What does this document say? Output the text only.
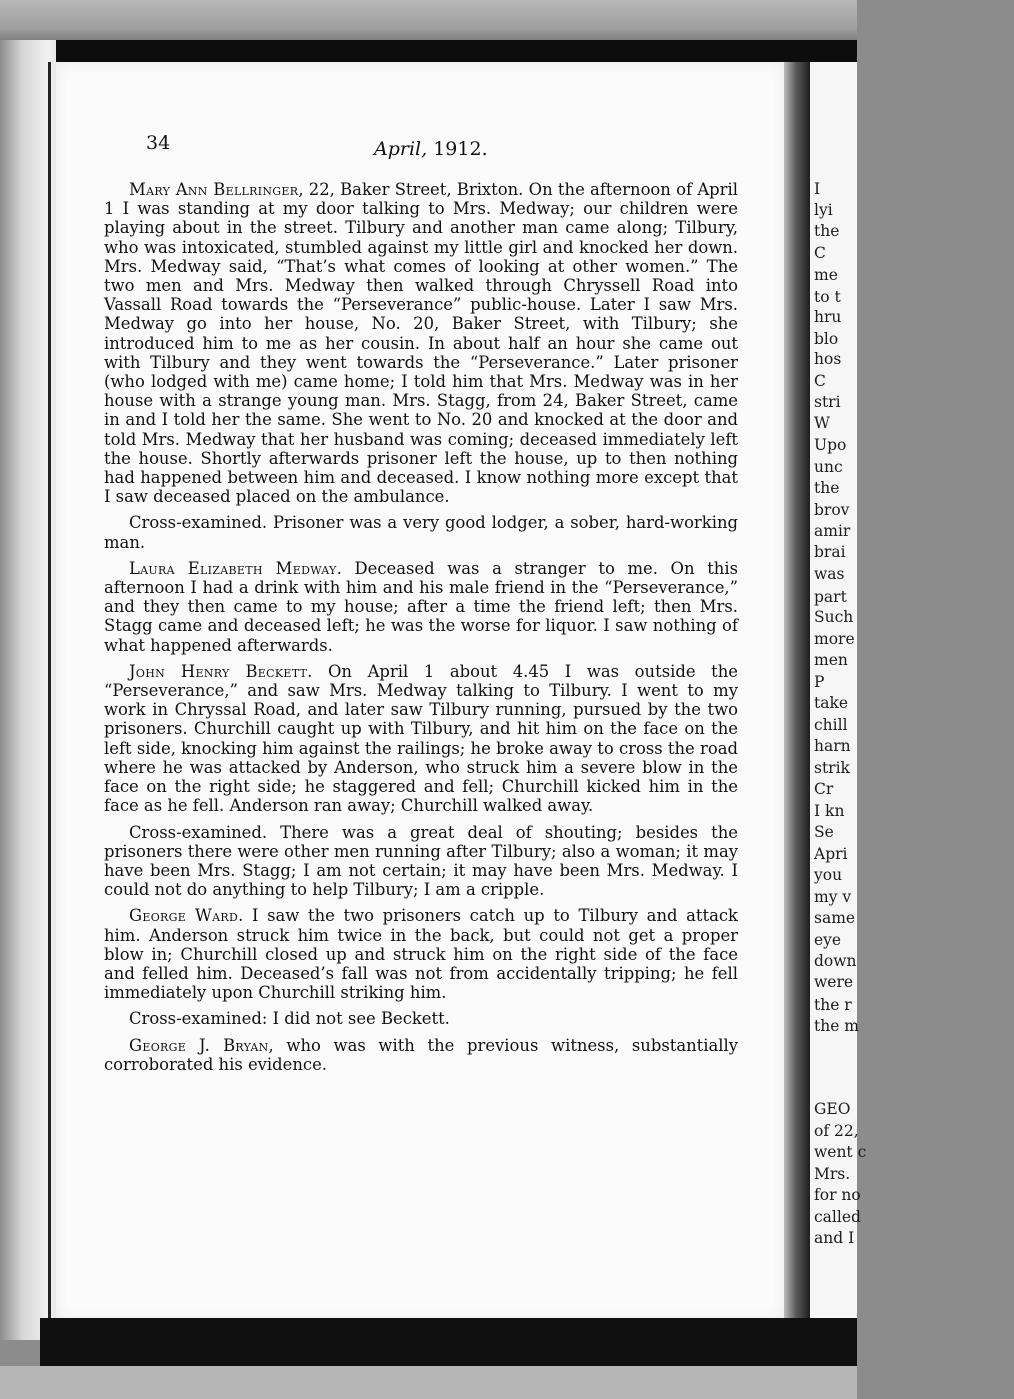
I
lyi
the
C
me
to t
hru
blo
hos
C
stri
W
Upo
unc
the
brov
amir
brai
was
part
Such
more
men
P
take
chill
harn
strik
Cr
I kn
Se
Apri
you
my v
same
eye
down
were
the r
the m
GEO
of 22,
went c
Mrs.
for no
called
and I
34	April, 1912.

Mary Ann Bellringer, 22, Baker Street, Brixton. On the afternoon of April 1 I was standing at my door talking to Mrs. Medway; our children were playing about in the street. Tilbury and another man came along; Tilbury, who was intoxicated, stumbled against my little girl and knocked her down. Mrs. Medway said, “That’s what comes of looking at other women.” The two men and Mrs. Medway then walked through Chryssell Road into Vassall Road towards the “Perseverance” public-house. Later I saw Mrs. Medway go into her house, No. 20, Baker Street, with Tilbury; she introduced him to me as her cousin. In about half an hour she came out with Tilbury and they went towards the “Perseverance.” Later prisoner (who lodged with me) came home; I told him that Mrs. Medway was in her house with a strange young man. Mrs. Stagg, from 24, Baker Street, came in and I told her the same. She went to No. 20 and knocked at the door and told Mrs. Medway that her husband was coming; deceased immediately left the house. Shortly afterwards prisoner left the house, up to then nothing had happened between him and deceased. I know nothing more except that I saw deceased placed on the ambulance.

Cross-examined. Prisoner was a very good lodger, a sober, hard-working man.

Laura Elizabeth Medway. Deceased was a stranger to me. On this afternoon I had a drink with him and his male friend in the “Perseverance,” and they then came to my house; after a time the friend left; then Mrs. Stagg came and deceased left; he was the worse for liquor. I saw nothing of what happened afterwards.

John Henry Beckett. On April 1 about 4.45 I was outside the “Perseverance,” and saw Mrs. Medway talking to Tilbury. I went to my work in Chryssal Road, and later saw Tilbury running, pursued by the two prisoners. Churchill caught up with Tilbury, and hit him on the face on the left side, knocking him against the railings; he broke away to cross the road where he was attacked by Anderson, who struck him a severe blow in the face on the right side; he staggered and fell; Churchill kicked him in the face as he fell. Anderson ran away; Churchill walked away.

Cross-examined. There was a great deal of shouting; besides the prisoners there were other men running after Tilbury; also a woman; it may have been Mrs. Stagg; I am not certain; it may have been Mrs. Medway. I could not do anything to help Tilbury; I am a cripple.

George Ward. I saw the two prisoners catch up to Tilbury and attack him. Anderson struck him twice in the back, but could not get a proper blow in; Churchill closed up and struck him on the right side of the face and felled him. Deceased’s fall was not from accidentally tripping; he fell immediately upon Churchill striking him.

Cross-examined: I did not see Beckett.

George J. Bryan, who was with the previous witness, substantially corroborated his evidence.
